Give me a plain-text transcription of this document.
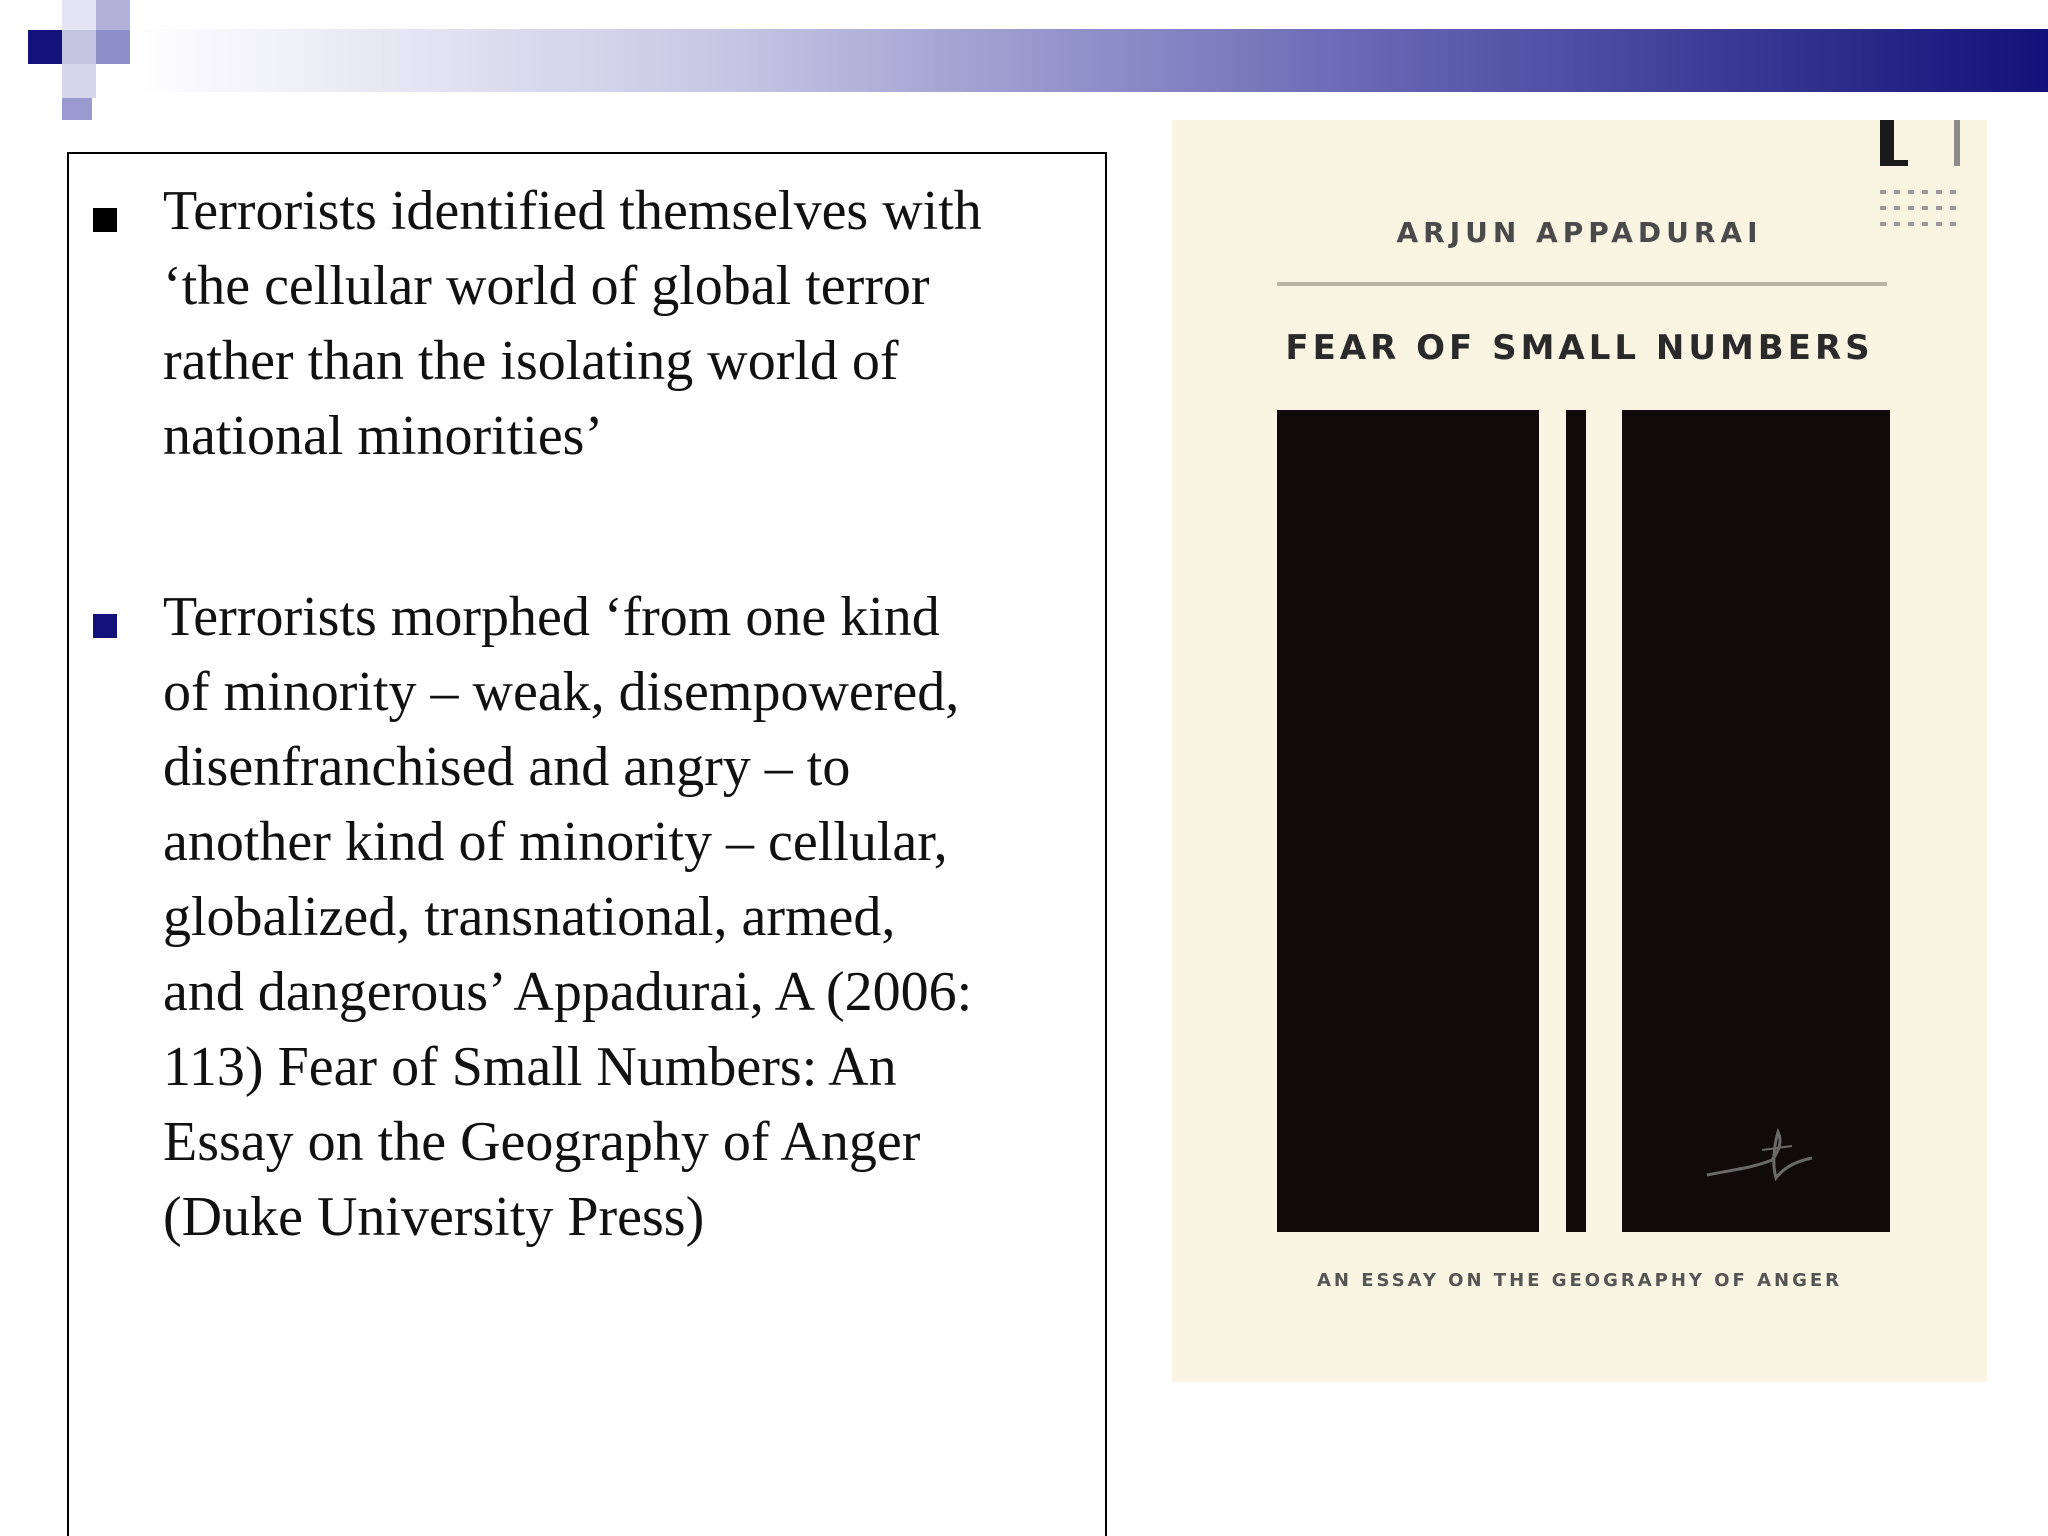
Terrorists identified themselves with
‘the cellular world of global terror
rather than the isolating world of
national minorities’

Terrorists morphed ‘from one kind
of minority – weak, disempowered,
disenfranchised and angry – to
another kind of minority – cellular,
globalized, transnational, armed,
and dangerous’ Appadurai, A (2006:
113) Fear of Small Numbers: An
Essay on the Geography of Anger
(Duke University Press)

ARJUN APPADURAI
FEAR OF SMALL NUMBERS
AN ESSAY ON THE GEOGRAPHY OF ANGER
